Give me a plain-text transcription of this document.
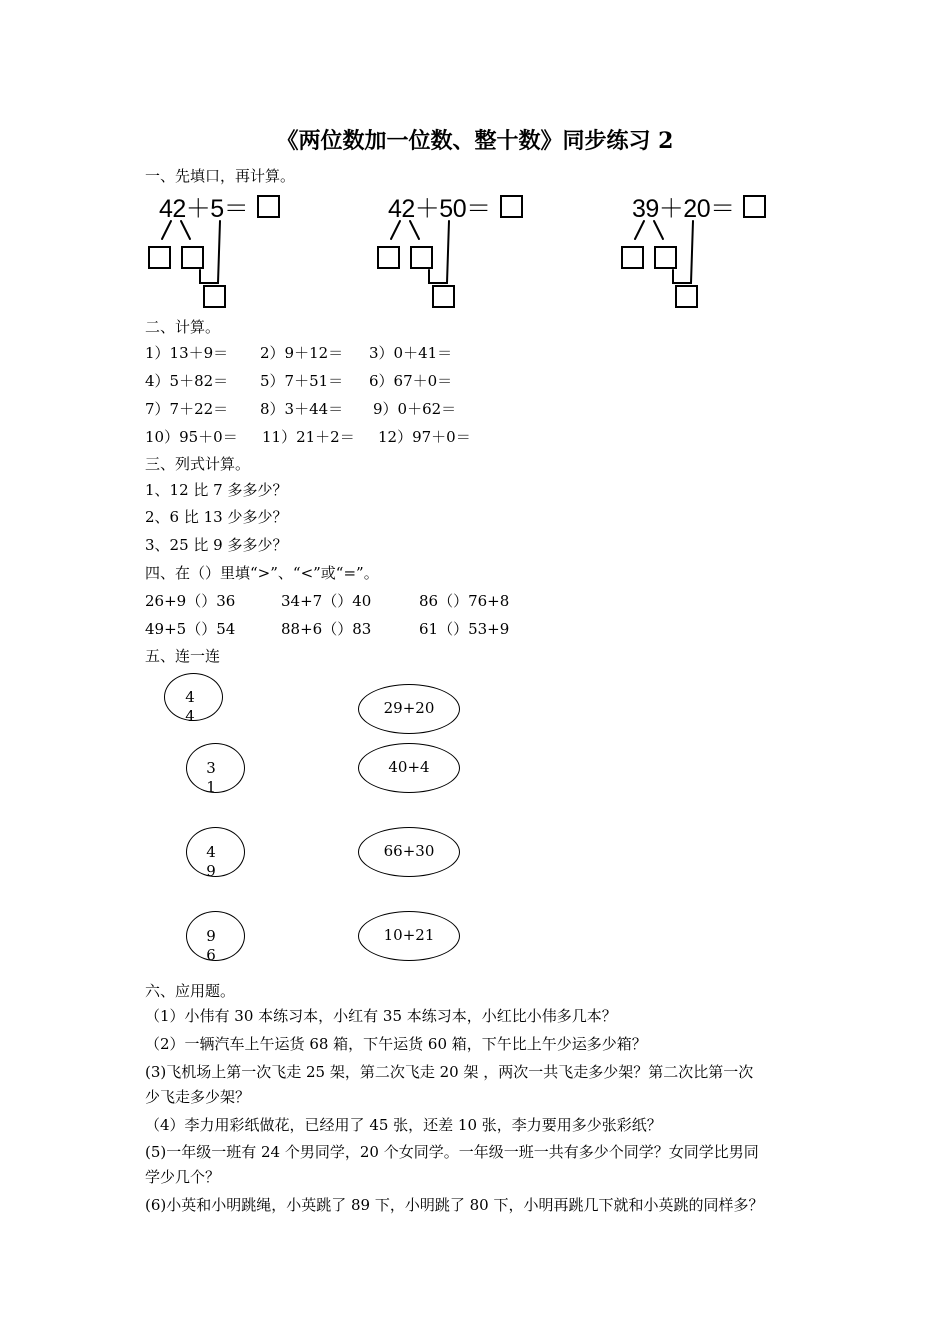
《两位数加一位数、整十数》同步练习 2
一、先填口，再计算。
42＋5＝	42＋50＝	39＋20＝
二、计算。
1）13＋9＝ 2）9＋12＝ 3）0＋41＝
4）5＋82＝ 5）7＋51＝ 6）67＋0＝
7）7＋22＝ 8）3＋44＝ 9）0＋62＝
10）95＋0＝ 11）21＋2＝ 12）97＋0＝
三、列式计算。
1、12 比 7 多多少？
2、6 比 13 少多少？
3、25 比 9 多多少？
四、在（）里填“>”、“<”或“=”。
26+9（）36	34+7（）40	86（）76+8
49+5（）54	88+6（）83	61（）53+9
五、连一连
4
4
3
1
4
9
9
6
29+20
40+4
66+30
10+21
六、应用题。
（1）小伟有 30 本练习本，小红有 35 本练习本，小红比小伟多几本？
（2）一辆汽车上午运货 68 箱，下午运货 60 箱，下午比上午少运多少箱？
(3)飞机场上第一次飞走 25 架，第二次飞走 20 架 ，两次一共飞走多少架？第二次比第一次
少飞走多少架？
（4）李力用彩纸做花，已经用了 45 张，还差 10 张，李力要用多少张彩纸？
(5)一年级一班有 24 个男同学，20 个女同学。一年级一班一共有多少个同学？女同学比男同
学少几个？
(6)小英和小明跳绳，小英跳了 89 下，小明跳了 80 下，小明再跳几下就和小英跳的同样多？
